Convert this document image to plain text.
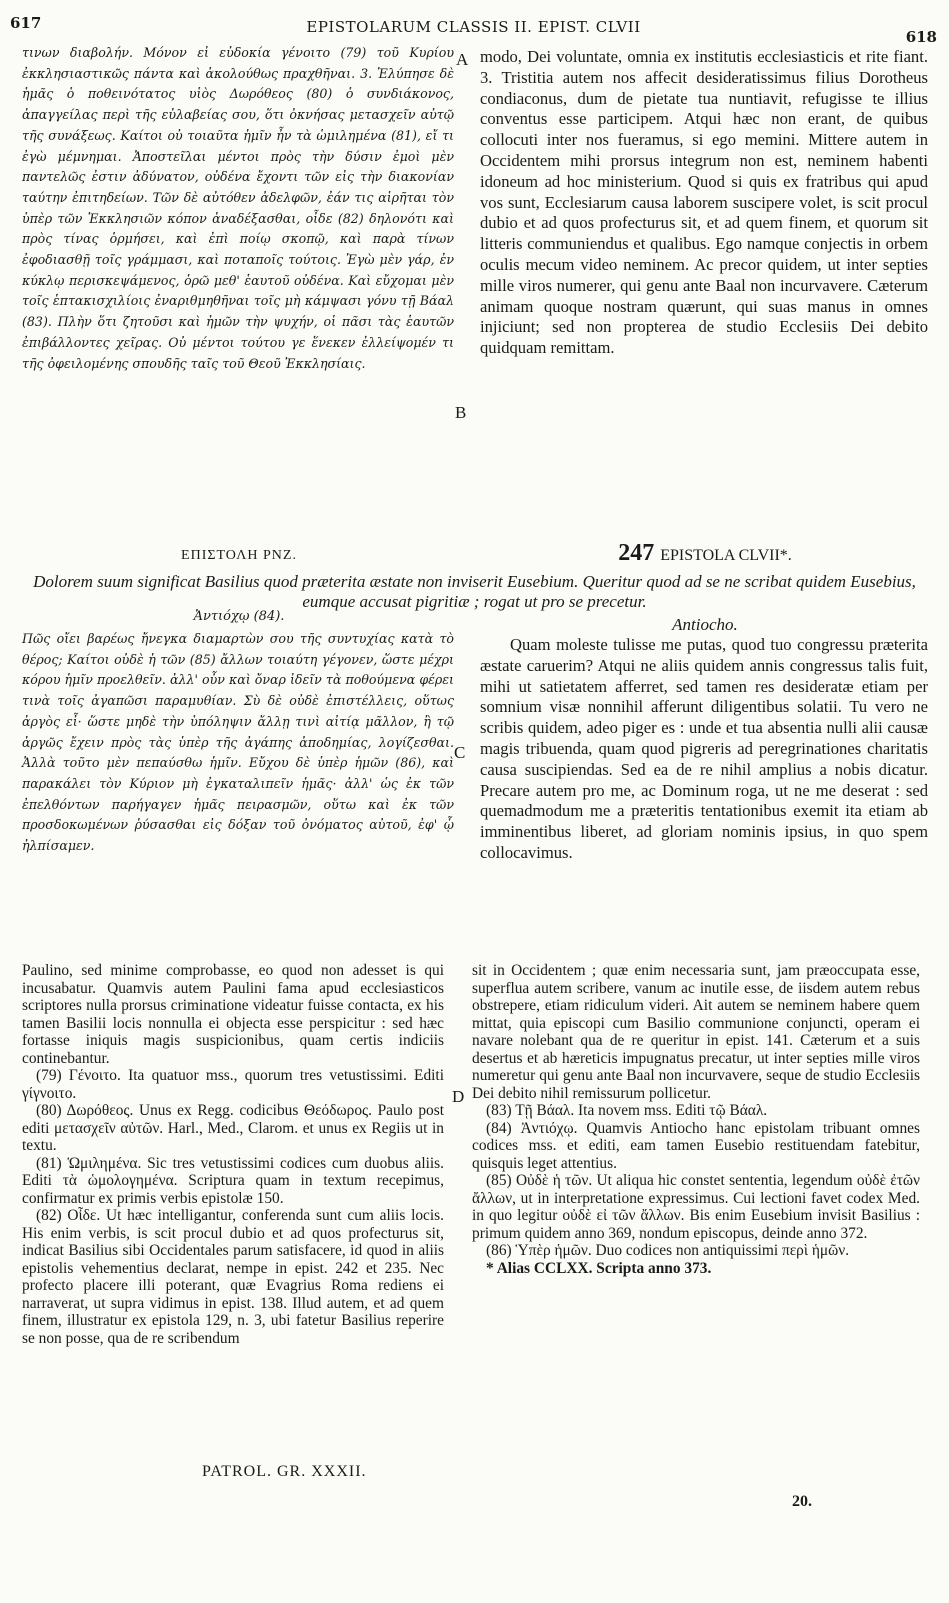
617	EPISTOLARUM CLASSIS II. EPIST. CLVII
618

τινων διαβολήν. Μόνον εἰ εὐδοκία γένοιτο (79) τοῦ Κυρίου ἐκκλησιαστικῶς πάντα καὶ ἀκολούθως πραχθῆναι. 3. Ἐλύπησε δὲ ἡμᾶς ὁ ποθεινότατος υἱὸς Δωρόθεος (80) ὁ συνδιάκονος, ἀπαγγείλας περὶ τῆς εὐλαβείας σου, ὅτι ὀκνήσας μετασχεῖν αὐτῷ τῆς συνάξεως. Καίτοι οὐ τοιαῦτα ἡμῖν ἦν τὰ ὡμιλημένα (81), εἴ τι ἐγὼ μέμνημαι. Ἀποστεῖλαι μέντοι πρὸς τὴν δύσιν ἐμοὶ μὲν παντελῶς ἐστιν ἀδύνατον, οὐδένα ἔχοντι τῶν εἰς τὴν διακονίαν ταύτην ἐπιτηδείων. Τῶν δὲ αὐτόθεν ἀδελφῶν, ἐάν τις αἱρῆται τὸν ὑπὲρ τῶν Ἐκκλησιῶν κόπον ἀναδέξασθαι, οἶδε (82) δηλονότι καὶ πρὸς τίνας ὁρμήσει, καὶ ἐπὶ ποίῳ σκοπῷ, καὶ παρὰ τίνων ἐφοδιασθῇ τοῖς γράμμασι, καὶ ποταποῖς τούτοις. Ἐγὼ μὲν γάρ, ἐν κύκλῳ περισκεψάμενος, ὁρῶ μεθ' ἑαυτοῦ οὐδένα. Καὶ εὔχομαι μὲν τοῖς ἑπτακισχιλίοις ἐναριθμηθῆναι τοῖς μὴ κάμψασι γόνυ τῇ Βάαλ (83). Πλὴν ὅτι ζητοῦσι καὶ ἡμῶν τὴν ψυχήν, οἱ πᾶσι τὰς ἑαυτῶν ἐπιβάλλοντες χεῖρας. Οὐ μέντοι τούτου γε ἕνεκεν ἐλλείψομέν τι τῆς ὀφειλομένης σπουδῆς ταῖς τοῦ Θεοῦ Ἐκκλησίαις.

modo, Dei voluntate, omnia ex institutis ecclesiasticis et rite fiant. 3. Tristitia autem nos affecit desideratissimus filius Dorotheus condiaconus, dum de pietate tua nuntiavit, refugisse te illius conventus esse participem. Atqui hæc non erant, de quibus collocuti inter nos fueramus, si ego memini. Mittere autem in Occidentem mihi prorsus integrum non est, neminem habenti idoneum ad hoc ministerium. Quod si quis ex fratribus qui apud vos sunt, Ecclesiarum causa laborem suscipere volet, is scit procul dubio et ad quos profecturus sit, et ad quem finem, et quorum sit litteris communiendus et qualibus. Ego namque conjectis in orbem oculis mecum video neminem. Ac precor quidem, ut inter septies mille viros numerer, qui genu ante Baal non incurvavere. Cæterum animam quoque nostram quærunt, qui suas manus in omnes injiciunt; sed non propterea de studio Ecclesiis Dei debito quidquam remittam.

A
B
C
D
ΕΠΙΣΤΟΛΗ ΡΝΖ.	247 EPISTOLA CLVII*.
Dolorem suum significat Basilius quod præterita æstate non inviserit Eusebium. Queritur quod ad se ne scribat quidem Eusebius, eumque accusat pigritiæ ; rogat ut pro se precetur.
Ἀντιόχῳ (84).	Antiocho.

Πῶς οἴει βαρέως ἤνεγκα διαμαρτὼν σου τῆς συντυχίας κατὰ τὸ θέρος; Καίτοι οὐδὲ ἡ τῶν (85) ἄλλων τοιαύτη γέγονεν, ὥστε μέχρι κόρου ἡμῖν προελθεῖν. ἀλλ' οὖν καὶ ὄναρ ἰδεῖν τὰ ποθούμενα φέρει τινὰ τοῖς ἀγαπῶσι παραμυθίαν. Σὺ δὲ οὐδὲ ἐπιστέλλεις, οὕτως ἀργὸς εἶ· ὥστε μηδὲ τὴν ὑπόληψιν ἄλλῃ τινὶ αἰτίᾳ μᾶλλον, ἢ τῷ ἀργῶς ἔχειν πρὸς τὰς ὑπὲρ τῆς ἀγάπης ἀποδημίας, λογίζεσθαι. Ἀλλὰ τοῦτο μὲν πεπαύσθω ἡμῖν. Εὔχου δὲ ὑπὲρ ἡμῶν (86), καὶ παρακάλει τὸν Κύριον μὴ ἐγκαταλιπεῖν ἡμᾶς· ἀλλ' ὡς ἐκ τῶν ἐπελθόντων παρήγαγεν ἡμᾶς πειρασμῶν, οὕτω καὶ ἐκ τῶν προσδοκωμένων ῥύσασθαι εἰς δόξαν τοῦ ὀνόματος αὐτοῦ, ἐφ' ᾧ ἠλπίσαμεν.

Quam moleste tulisse me putas, quod tuo congressu præterita æstate caruerim? Atqui ne aliis quidem annis congressus talis fuit, mihi ut satietatem afferret, sed tamen res desideratæ etiam per somnium visæ nonnihil afferunt diligentibus solatii. Tu vero ne scribis quidem, adeo piger es : unde et tua absentia nulli alii causæ magis tribuenda, quam quod pigreris ad peregrinationes charitatis causa suscipiendas. Sed ea de re nihil amplius a nobis dicatur. Precare autem pro me, ac Dominum roga, ut ne me deserat : sed quemadmodum me a præteritis tentationibus exemit ita etiam ab imminentibus liberet, ad gloriam nominis ipsius, in quo spem collocavimus.

Paulino, sed minime comprobasse, eo quod non adesset is qui incusabatur. Quamvis autem Paulini fama apud ecclesiasticos scriptores nulla prorsus criminatione videatur fuisse contacta, ex his tamen Basilii locis nonnulla ei objecta esse perspicitur : sed hæc fortasse iniquis magis suspicionibus, quam certis indiciis continebantur.

(79) Γένοιτο. Ita quatuor mss., quorum tres vetustissimi. Editi γίγνοιτο.

(80) Δωρόθεος. Unus ex Regg. codicibus Θεόδωρος. Paulo post editi μετασχεῖν αὐτῶν. Harl., Med., Clarom. et unus ex Regiis ut in textu.

(81) Ὡμιλημένα. Sic tres vetustissimi codices cum duobus aliis. Editi τὰ ὡμολογημένα. Scriptura quam in textum recepimus, confirmatur ex primis verbis epistolæ 150.

(82) Οἶδε. Ut hæc intelligantur, conferenda sunt cum aliis locis. His enim verbis, is scit procul dubio et ad quos profecturus sit, indicat Basilius sibi Occidentales parum satisfacere, id quod in aliis epistolis vehementius declarat, nempe in epist. 242 et 235. Nec profecto placere illi poterant, quæ Evagrius Roma rediens ei narraverat, ut supra vidimus in epist. 138. Illud autem, et ad quem finem, illustratur ex epistola 129, n. 3, ubi fatetur Basilius reperire se non posse, qua de re scribendum

sit in Occidentem ; quæ enim necessaria sunt, jam præoccupata esse, superflua autem scribere, vanum ac inutile esse, de iisdem autem rebus obstrepere, etiam ridiculum videri. Ait autem se neminem habere quem mittat, quia episcopi cum Basilio communione conjuncti, operam ei navare nolebant qua de re queritur in epist. 141. Cæterum et a suis desertus et ab hæreticis impugnatus precatur, ut inter septies mille viros numeretur qui genu ante Baal non incurvavere, seque de studio Ecclesiis Dei debito nihil remissurum pollicetur.

(83) Τῇ Βάαλ. Ita novem mss. Editi τῷ Βάαλ.

(84) Ἀντιόχῳ. Quamvis Antiocho hanc epistolam tribuant omnes codices mss. et editi, eam tamen Eusebio restituendam fatebitur, quisquis leget attentius.

(85) Οὐδὲ ἡ τῶν. Ut aliqua hic constet sententia, legendum οὐδὲ ἐτῶν ἄλλων, ut in interpretatione expressimus. Cui lectioni favet codex Med. in quo legitur οὐδὲ εἰ τῶν ἄλλων. Bis enim Eusebium invisit Basilius : primum quidem anno 369, nondum episcopus, deinde anno 372.

(86) Ὑπὲρ ἡμῶν. Duo codices non antiquissimi περὶ ἡμῶν.

* Alias CCLXX. Scripta anno 373.

PATROL. GR. XXXII.
20.
